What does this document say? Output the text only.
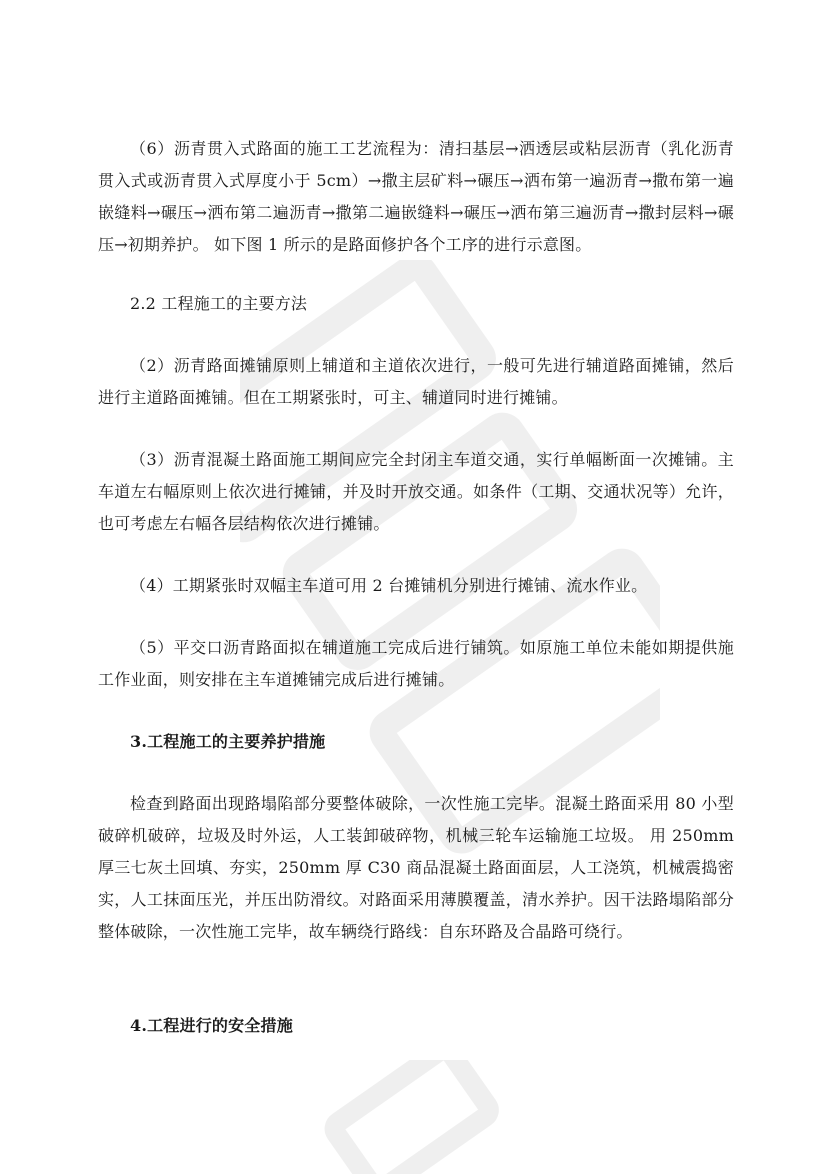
（6）沥青贯入式路面的施工工艺流程为：清扫基层→洒透层或粘层沥青（乳化沥青贯入式或沥青贯入式厚度小于 5cm）→撒主层矿料→碾压→洒布第一遍沥青→撒布第一遍嵌缝料→碾压→洒布第二遍沥青→撒第二遍嵌缝料→碾压→洒布第三遍沥青→撒封层料→碾压→初期养护。 如下图 1 所示的是路面修护各个工序的进行示意图。

2.2 工程施工的主要方法

（2）沥青路面摊铺原则上辅道和主道依次进行，一般可先进行辅道路面摊铺，然后进行主道路面摊铺。但在工期紧张时，可主、辅道同时进行摊铺。

（3）沥青混凝土路面施工期间应完全封闭主车道交通，实行单幅断面一次摊铺。主车道左右幅原则上依次进行摊铺，并及时开放交通。如条件（工期、交通状况等）允许，也可考虑左右幅各层结构依次进行摊铺。

（4）工期紧张时双幅主车道可用 2 台摊铺机分别进行摊铺、流水作业。

（5）平交口沥青路面拟在辅道施工完成后进行铺筑。如原施工单位未能如期提供施工作业面，则安排在主车道摊铺完成后进行摊铺。

3.工程施工的主要养护措施

检查到路面出现路塌陷部分要整体破除，一次性施工完毕。混凝土路面采用 80 小型破碎机破碎，垃圾及时外运，人工装卸破碎物，机械三轮车运输施工垃圾。 用 250mm 厚三七灰土回填、夯实，250mm 厚 C30 商品混凝土路面面层，人工浇筑，机械震捣密实，人工抹面压光，并压出防滑纹。对路面采用薄膜覆盖，清水养护。因干法路塌陷部分整体破除，一次性施工完毕，故车辆绕行路线：自东环路及合晶路可绕行。

4.工程进行的安全措施
